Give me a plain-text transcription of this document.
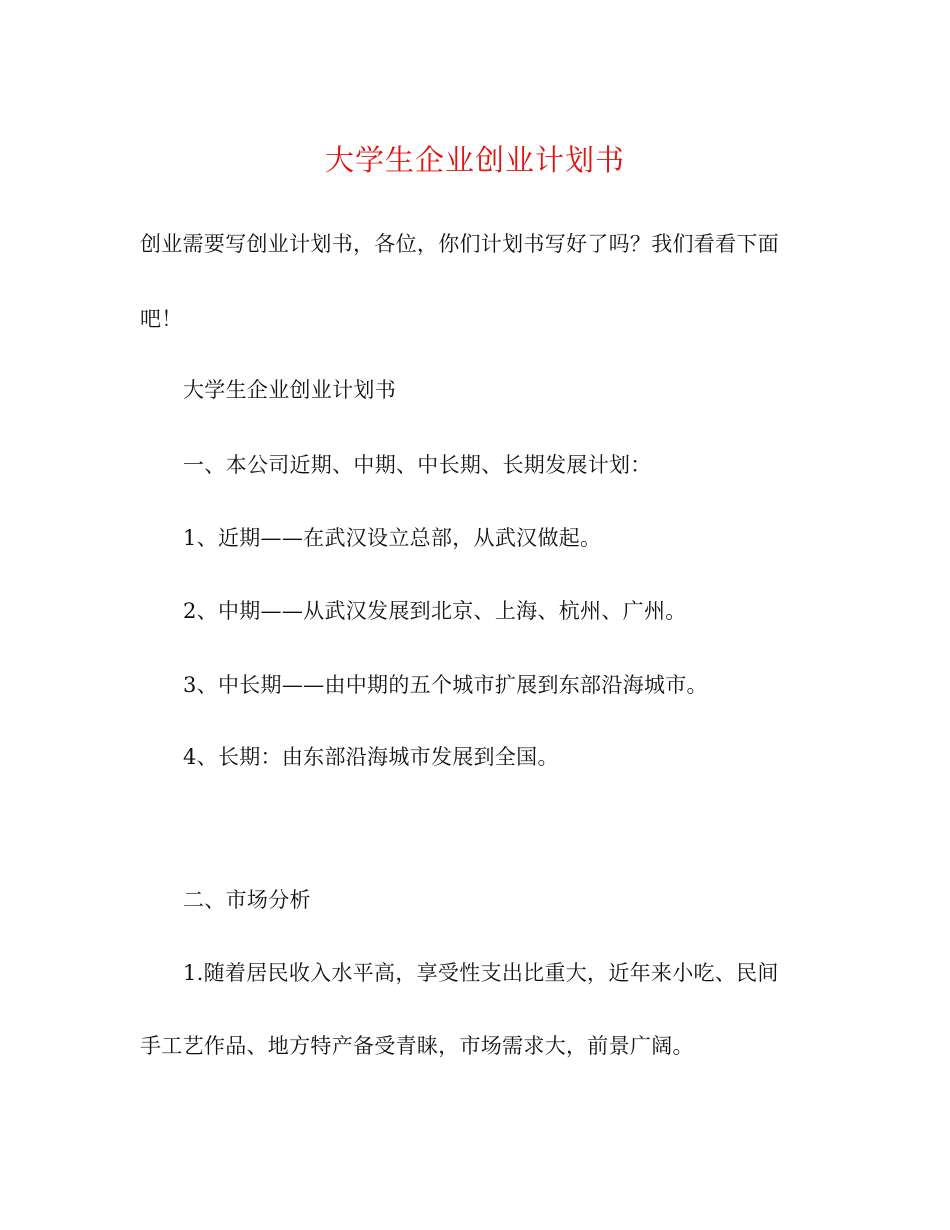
大学生企业创业计划书
创业需要写创业计划书，各位，你们计划书写好了吗？我们看看下面
吧！
大学生企业创业计划书
一、本公司近期、中期、中长期、长期发展计划：
1、近期——在武汉设立总部，从武汉做起。
2、中期——从武汉发展到北京、上海、杭州、广州。
3、中长期——由中期的五个城市扩展到东部沿海城市。
4、长期：由东部沿海城市发展到全国。
二、市场分析
1.随着居民收入水平高，享受性支出比重大，近年来小吃、民间
手工艺作品、地方特产备受青睐，市场需求大，前景广阔。
